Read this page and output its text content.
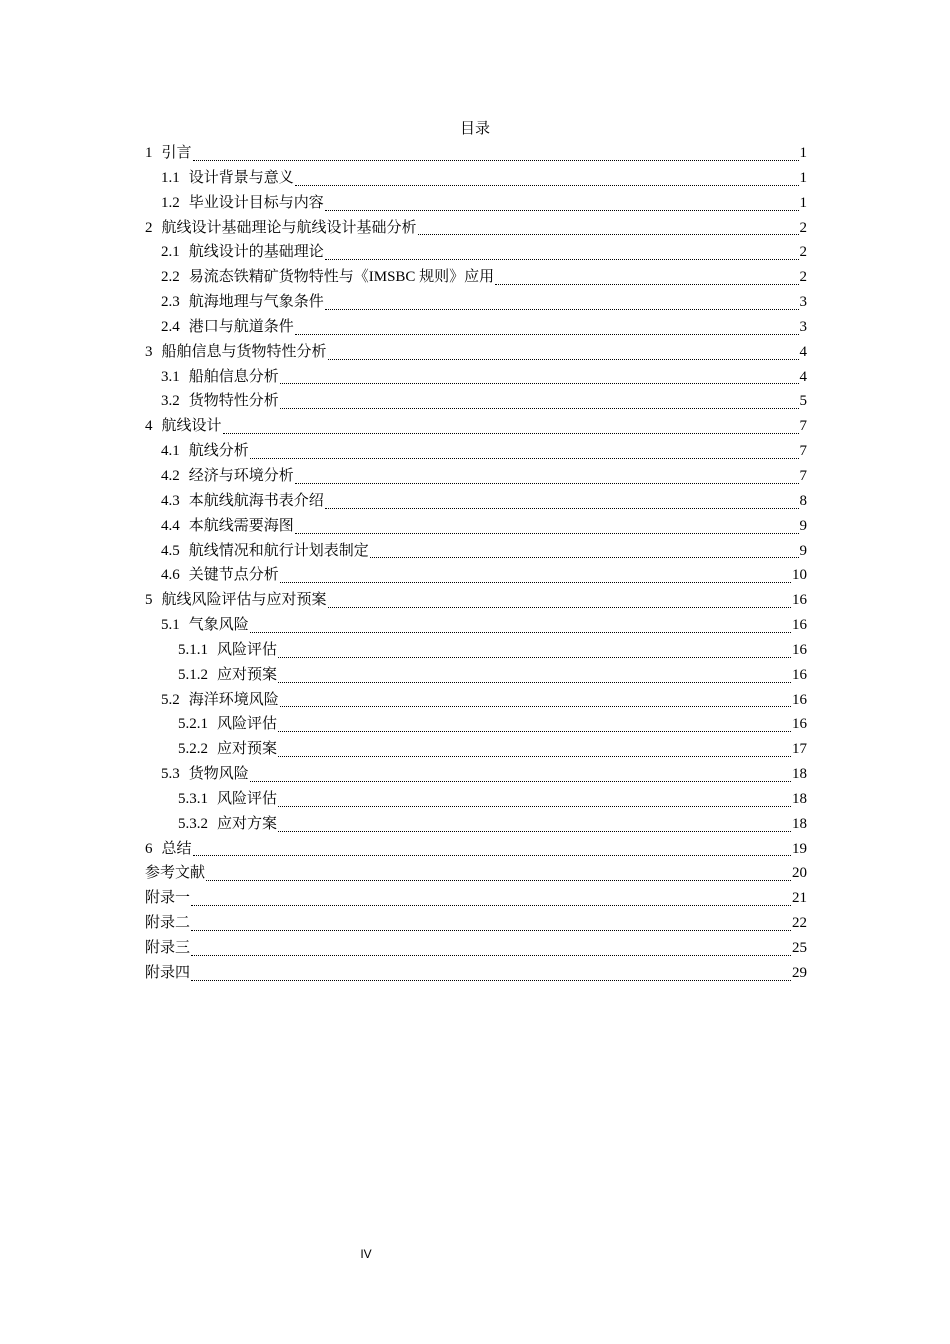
目录
1 引言	1
1.1 设计背景与意义	1
1.2 毕业设计目标与内容	1
2 航线设计基础理论与航线设计基础分析	2
2.1 航线设计的基础理论	2
2.2 易流态铁精矿货物特性与《IMSBC 规则》应用	2
2.3 航海地理与气象条件	3
2.4 港口与航道条件	3
3 船舶信息与货物特性分析	4
3.1 船舶信息分析	4
3.2 货物特性分析	5
4 航线设计	7
4.1 航线分析	7
4.2 经济与环境分析	7
4.3 本航线航海书表介绍	8
4.4 本航线需要海图	9
4.5 航线情况和航行计划表制定	9
4.6 关键节点分析	10
5 航线风险评估与应对预案	16
5.1 气象风险	16
5.1.1 风险评估	16
5.1.2 应对预案	16
5.2 海洋环境风险	16
5.2.1 风险评估	16
5.2.2 应对预案	17
5.3 货物风险	18
5.3.1 风险评估	18
5.3.2 应对方案	18
6 总结	19
参考文献	20
附录一	21
附录二	22
附录三	25
附录四	29
IV
